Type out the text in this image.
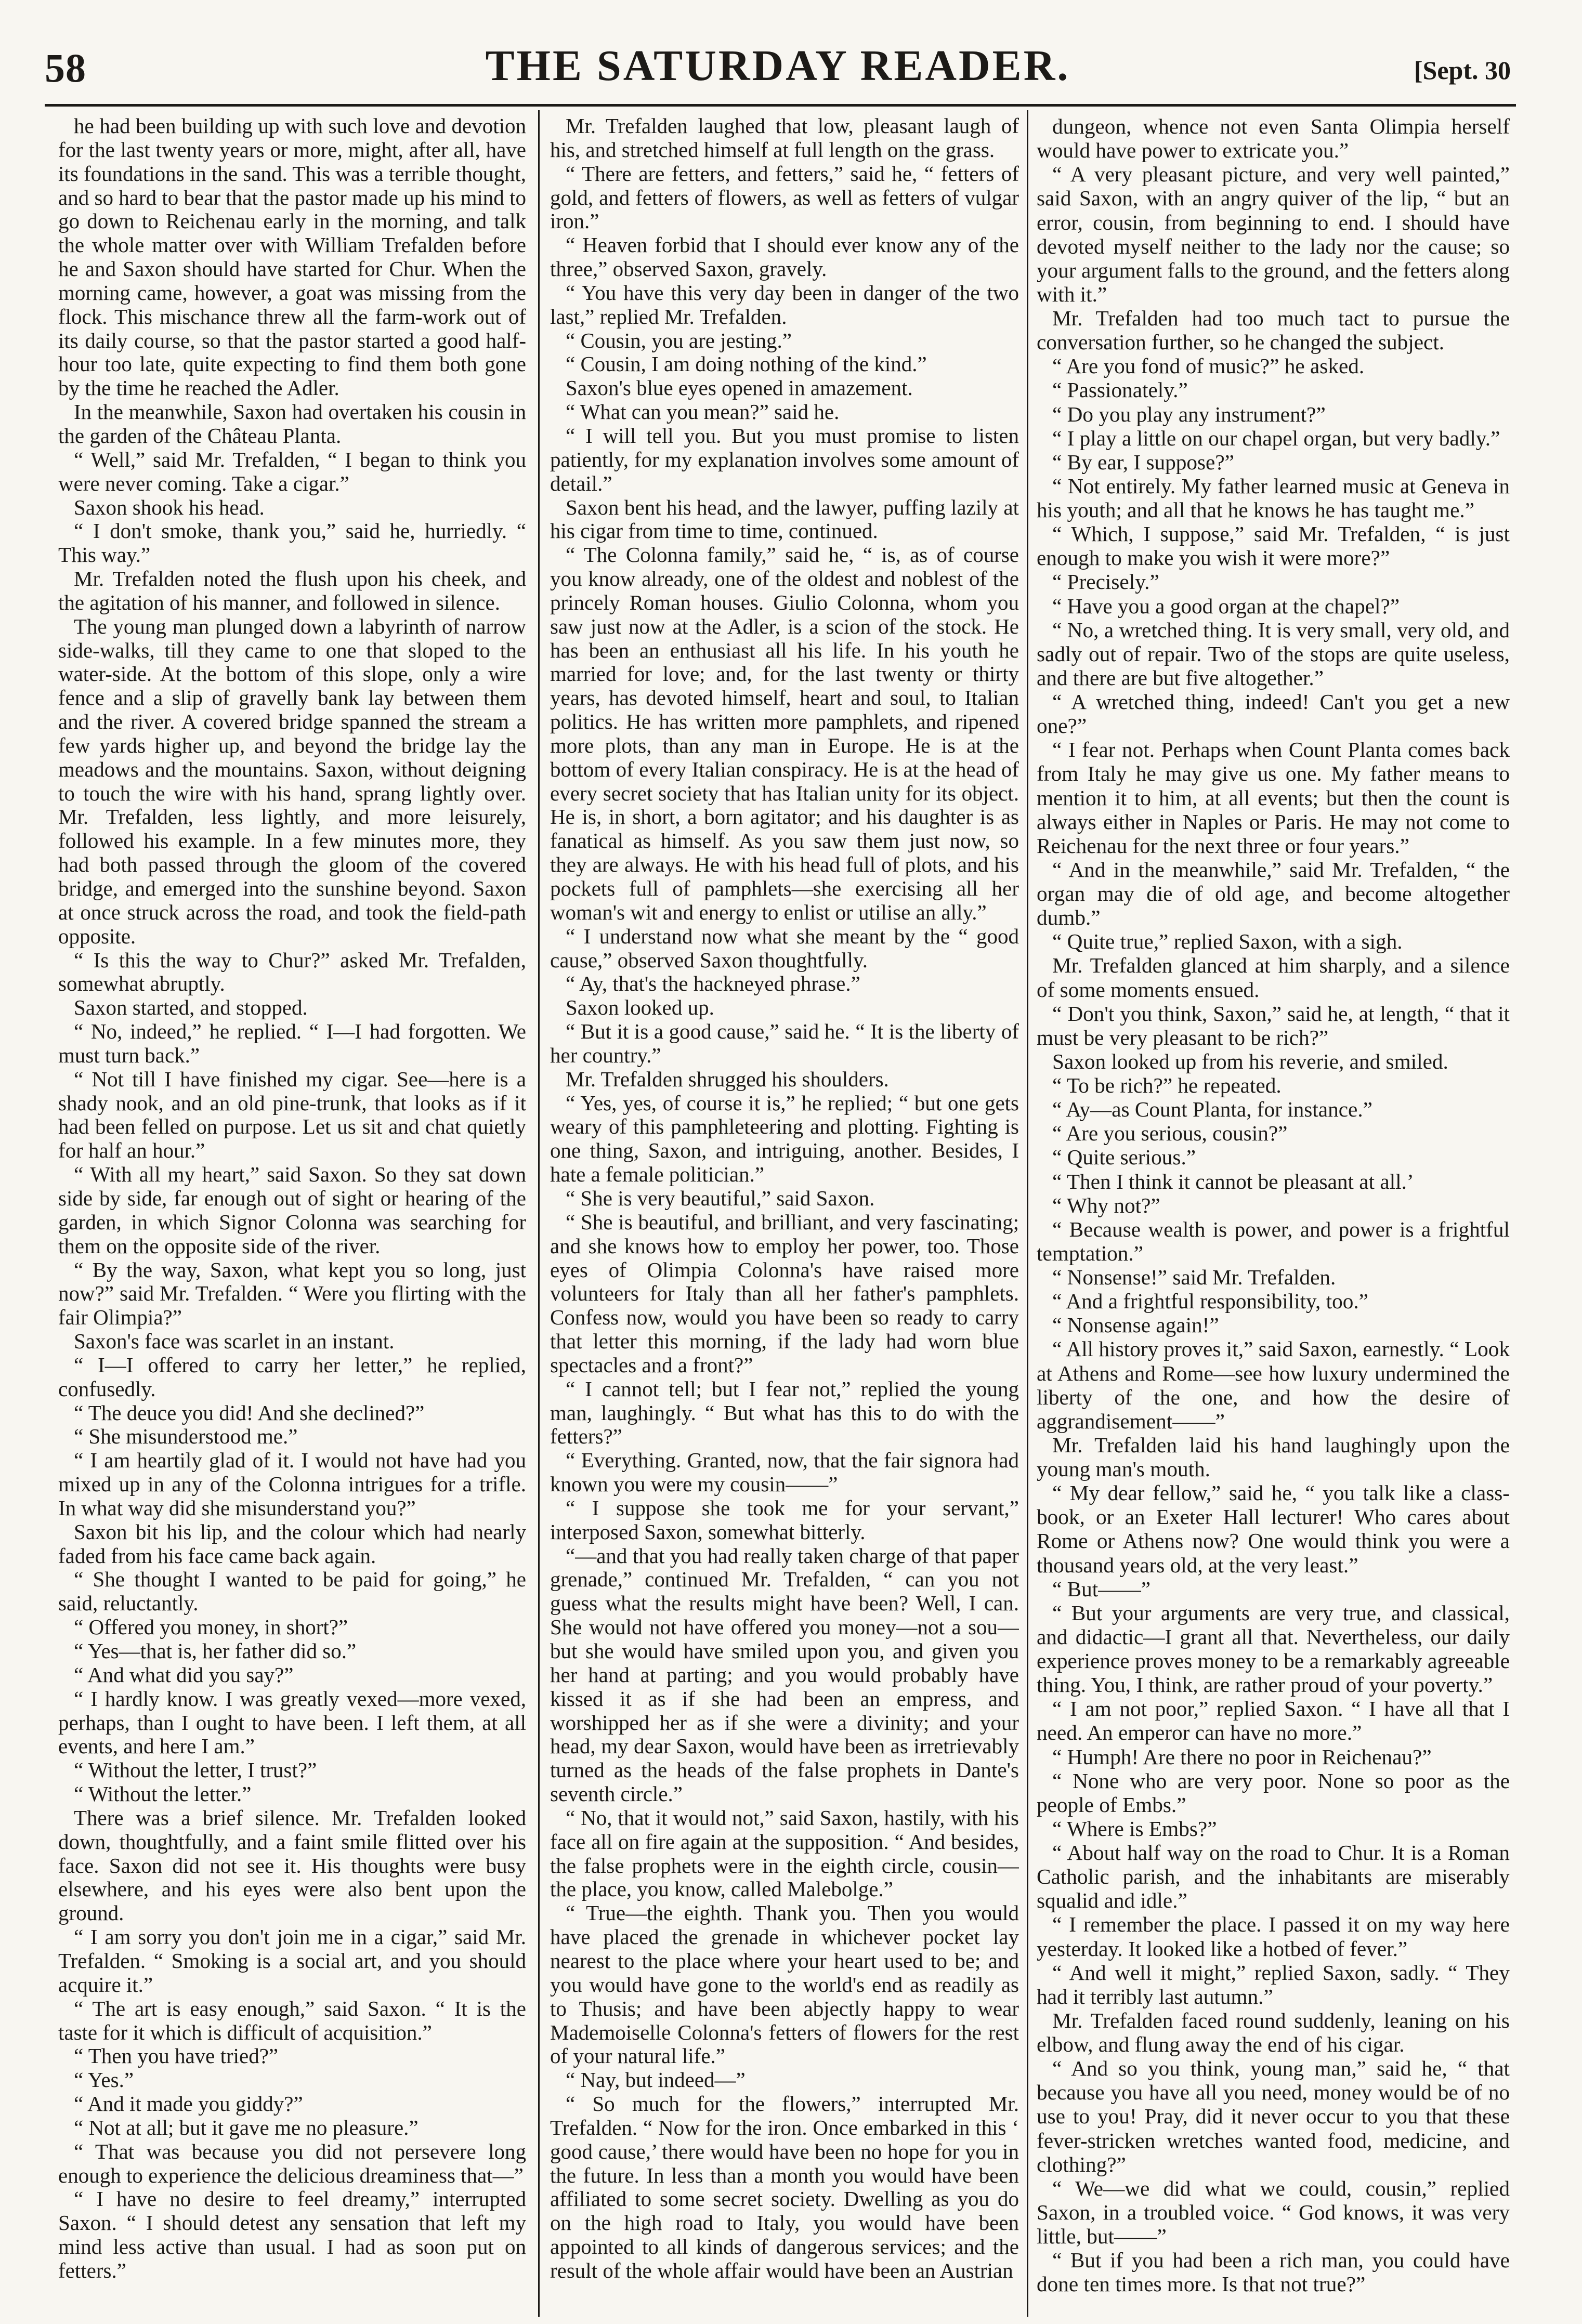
58	THE SATURDAY READER.	[Sept. 30

he had been building up with such love and devotion for the last twenty years or more, might, after all, have its foundations in the sand. This was a terrible thought, and so hard to bear that the pastor made up his mind to go down to Reichenau early in the morning, and talk the whole matter over with William Trefalden before he and Saxon should have started for Chur. When the morning came, however, a goat was missing from the flock. This mischance threw all the farm-work out of its daily course, so that the pastor started a good half-hour too late, quite expecting to find them both gone by the time he reached the Adler.

In the meanwhile, Saxon had overtaken his cousin in the garden of the Château Planta.

“ Well,” said Mr. Trefalden, “ I began to think you were never coming. Take a cigar.”

Saxon shook his head.

“ I don't smoke, thank you,” said he, hurriedly. “ This way.”

Mr. Trefalden noted the flush upon his cheek, and the agitation of his manner, and followed in silence.

The young man plunged down a labyrinth of narrow side-walks, till they came to one that sloped to the water-side. At the bottom of this slope, only a wire fence and a slip of gravelly bank lay between them and the river. A covered bridge spanned the stream a few yards higher up, and beyond the bridge lay the meadows and the mountains. Saxon, without deigning to touch the wire with his hand, sprang lightly over. Mr. Trefalden, less lightly, and more leisurely, followed his example. In a few minutes more, they had both passed through the gloom of the covered bridge, and emerged into the sunshine beyond. Saxon at once struck across the road, and took the field-path opposite.

“ Is this the way to Chur?” asked Mr. Trefalden, somewhat abruptly.

Saxon started, and stopped.

“ No, indeed,” he replied. “ I—I had forgotten. We must turn back.”

“ Not till I have finished my cigar. See—here is a shady nook, and an old pine-trunk, that looks as if it had been felled on purpose. Let us sit and chat quietly for half an hour.”

“ With all my heart,” said Saxon. So they sat down side by side, far enough out of sight or hearing of the garden, in which Signor Colonna was searching for them on the opposite side of the river.

“ By the way, Saxon, what kept you so long, just now?” said Mr. Trefalden. “ Were you flirting with the fair Olimpia?”

Saxon's face was scarlet in an instant.

“ I—I offered to carry her letter,” he replied, confusedly.

“ The deuce you did! And she declined?”

“ She misunderstood me.”

“ I am heartily glad of it. I would not have had you mixed up in any of the Colonna intrigues for a trifle. In what way did she misunderstand you?”

Saxon bit his lip, and the colour which had nearly faded from his face came back again.

“ She thought I wanted to be paid for going,” he said, reluctantly.

“ Offered you money, in short?”

“ Yes—that is, her father did so.”

“ And what did you say?”

“ I hardly know. I was greatly vexed—more vexed, perhaps, than I ought to have been. I left them, at all events, and here I am.”

“ Without the letter, I trust?”

“ Without the letter.”

There was a brief silence. Mr. Trefalden looked down, thoughtfully, and a faint smile flitted over his face. Saxon did not see it. His thoughts were busy elsewhere, and his eyes were also bent upon the ground.

“ I am sorry you don't join me in a cigar,” said Mr. Trefalden. “ Smoking is a social art, and you should acquire it.”

“ The art is easy enough,” said Saxon. “ It is the taste for it which is difficult of acquisition.”

“ Then you have tried?”

“ Yes.”

“ And it made you giddy?”

“ Not at all; but it gave me no pleasure.”

“ That was because you did not persevere long enough to experience the delicious dreaminess that—”

“ I have no desire to feel dreamy,” interrupted Saxon. “ I should detest any sensation that left my mind less active than usual. I had as soon put on fetters.”

Mr. Trefalden laughed that low, pleasant laugh of his, and stretched himself at full length on the grass.

“ There are fetters, and fetters,” said he, “ fetters of gold, and fetters of flowers, as well as fetters of vulgar iron.”

“ Heaven forbid that I should ever know any of the three,” observed Saxon, gravely.

“ You have this very day been in danger of the two last,” replied Mr. Trefalden.

“ Cousin, you are jesting.”

“ Cousin, I am doing nothing of the kind.”

Saxon's blue eyes opened in amazement.

“ What can you mean?” said he.

“ I will tell you. But you must promise to listen patiently, for my explanation involves some amount of detail.”

Saxon bent his head, and the lawyer, puffing lazily at his cigar from time to time, continued.

“ The Colonna family,” said he, “ is, as of course you know already, one of the oldest and noblest of the princely Roman houses. Giulio Colonna, whom you saw just now at the Adler, is a scion of the stock. He has been an enthusiast all his life. In his youth he married for love; and, for the last twenty or thirty years, has devoted himself, heart and soul, to Italian politics. He has written more pamphlets, and ripened more plots, than any man in Europe. He is at the bottom of every Italian conspiracy. He is at the head of every secret society that has Italian unity for its object. He is, in short, a born agitator; and his daughter is as fanatical as himself. As you saw them just now, so they are always. He with his head full of plots, and his pockets full of pamphlets—she exercising all her woman's wit and energy to enlist or utilise an ally.”

“ I understand now what she meant by the “ good cause,” observed Saxon thoughtfully.

“ Ay, that's the hackneyed phrase.”

Saxon looked up.

“ But it is a good cause,” said he. “ It is the liberty of her country.”

Mr. Trefalden shrugged his shoulders.

“ Yes, yes, of course it is,” he replied; “ but one gets weary of this pamphleteering and plotting. Fighting is one thing, Saxon, and intriguing, another. Besides, I hate a female politician.”

“ She is very beautiful,” said Saxon.

“ She is beautiful, and brilliant, and very fascinating; and she knows how to employ her power, too. Those eyes of Olimpia Colonna's have raised more volunteers for Italy than all her father's pamphlets. Confess now, would you have been so ready to carry that letter this morning, if the lady had worn blue spectacles and a front?”

“ I cannot tell; but I fear not,” replied the young man, laughingly. “ But what has this to do with the fetters?”

“ Everything. Granted, now, that the fair signora had known you were my cousin——”

“ I suppose she took me for your servant,” interposed Saxon, somewhat bitterly.

“—and that you had really taken charge of that paper grenade,” continued Mr. Trefalden, “ can you not guess what the results might have been? Well, I can. She would not have offered you money—not a sou—but she would have smiled upon you, and given you her hand at parting; and you would probably have kissed it as if she had been an empress, and worshipped her as if she were a divinity; and your head, my dear Saxon, would have been as irretrievably turned as the heads of the false prophets in Dante's seventh circle.”

“ No, that it would not,” said Saxon, hastily, with his face all on fire again at the supposition. “ And besides, the false prophets were in the eighth circle, cousin—the place, you know, called Malebolge.”

“ True—the eighth. Thank you. Then you would have placed the grenade in whichever pocket lay nearest to the place where your heart used to be; and you would have gone to the world's end as readily as to Thusis; and have been abjectly happy to wear Mademoiselle Colonna's fetters of flowers for the rest of your natural life.”

“ Nay, but indeed—”

“ So much for the flowers,” interrupted Mr. Trefalden. “ Now for the iron. Once embarked in this ‘ good cause,’ there would have been no hope for you in the future. In less than a month you would have been affiliated to some secret society. Dwelling as you do on the high road to Italy, you would have been appointed to all kinds of dangerous services; and the result of the whole affair would have been an Austrian

dungeon, whence not even Santa Olimpia herself would have power to extricate you.”

“ A very pleasant picture, and very well painted,” said Saxon, with an angry quiver of the lip, “ but an error, cousin, from beginning to end. I should have devoted myself neither to the lady nor the cause; so your argument falls to the ground, and the fetters along with it.”

Mr. Trefalden had too much tact to pursue the conversation further, so he changed the subject.

“ Are you fond of music?” he asked.

“ Passionately.”

“ Do you play any instrument?”

“ I play a little on our chapel organ, but very badly.”

“ By ear, I suppose?”

“ Not entirely. My father learned music at Geneva in his youth; and all that he knows he has taught me.”

“ Which, I suppose,” said Mr. Trefalden, “ is just enough to make you wish it were more?”

“ Precisely.”

“ Have you a good organ at the chapel?”

“ No, a wretched thing. It is very small, very old, and sadly out of repair. Two of the stops are quite useless, and there are but five altogether.”

“ A wretched thing, indeed! Can't you get a new one?”

“ I fear not. Perhaps when Count Planta comes back from Italy he may give us one. My father means to mention it to him, at all events; but then the count is always either in Naples or Paris. He may not come to Reichenau for the next three or four years.”

“ And in the meanwhile,” said Mr. Trefalden, “ the organ may die of old age, and become altogether dumb.”

“ Quite true,” replied Saxon, with a sigh.

Mr. Trefalden glanced at him sharply, and a silence of some moments ensued.

“ Don't you think, Saxon,” said he, at length, “ that it must be very pleasant to be rich?”

Saxon looked up from his reverie, and smiled.

“ To be rich?” he repeated.

“ Ay—as Count Planta, for instance.”

“ Are you serious, cousin?”

“ Quite serious.”

“ Then I think it cannot be pleasant at all.’

“ Why not?”

“ Because wealth is power, and power is a frightful temptation.”

“ Nonsense!” said Mr. Trefalden.

“ And a frightful responsibility, too.”

“ Nonsense again!”

“ All history proves it,” said Saxon, earnestly. “ Look at Athens and Rome—see how luxury undermined the liberty of the one, and how the desire of aggrandisement——”

Mr. Trefalden laid his hand laughingly upon the young man's mouth.

“ My dear fellow,” said he, “ you talk like a class-book, or an Exeter Hall lecturer! Who cares about Rome or Athens now? One would think you were a thousand years old, at the very least.”

“ But——”

“ But your arguments are very true, and classical, and didactic—I grant all that. Nevertheless, our daily experience proves money to be a remarkably agreeable thing. You, I think, are rather proud of your poverty.”

“ I am not poor,” replied Saxon. “ I have all that I need. An emperor can have no more.”

“ Humph! Are there no poor in Reichenau?”

“ None who are very poor. None so poor as the people of Embs.”

“ Where is Embs?”

“ About half way on the road to Chur. It is a Roman Catholic parish, and the inhabitants are miserably squalid and idle.”

“ I remember the place. I passed it on my way here yesterday. It looked like a hotbed of fever.”

“ And well it might,” replied Saxon, sadly. “ They had it terribly last autumn.”

Mr. Trefalden faced round suddenly, leaning on his elbow, and flung away the end of his cigar.

“ And so you think, young man,” said he, “ that because you have all you need, money would be of no use to you! Pray, did it never occur to you that these fever-stricken wretches wanted food, medicine, and clothing?”

“ We—we did what we could, cousin,” replied Saxon, in a troubled voice. “ God knows, it was very little, but——”

“ But if you had been a rich man, you could have done ten times more. Is that not true?”
